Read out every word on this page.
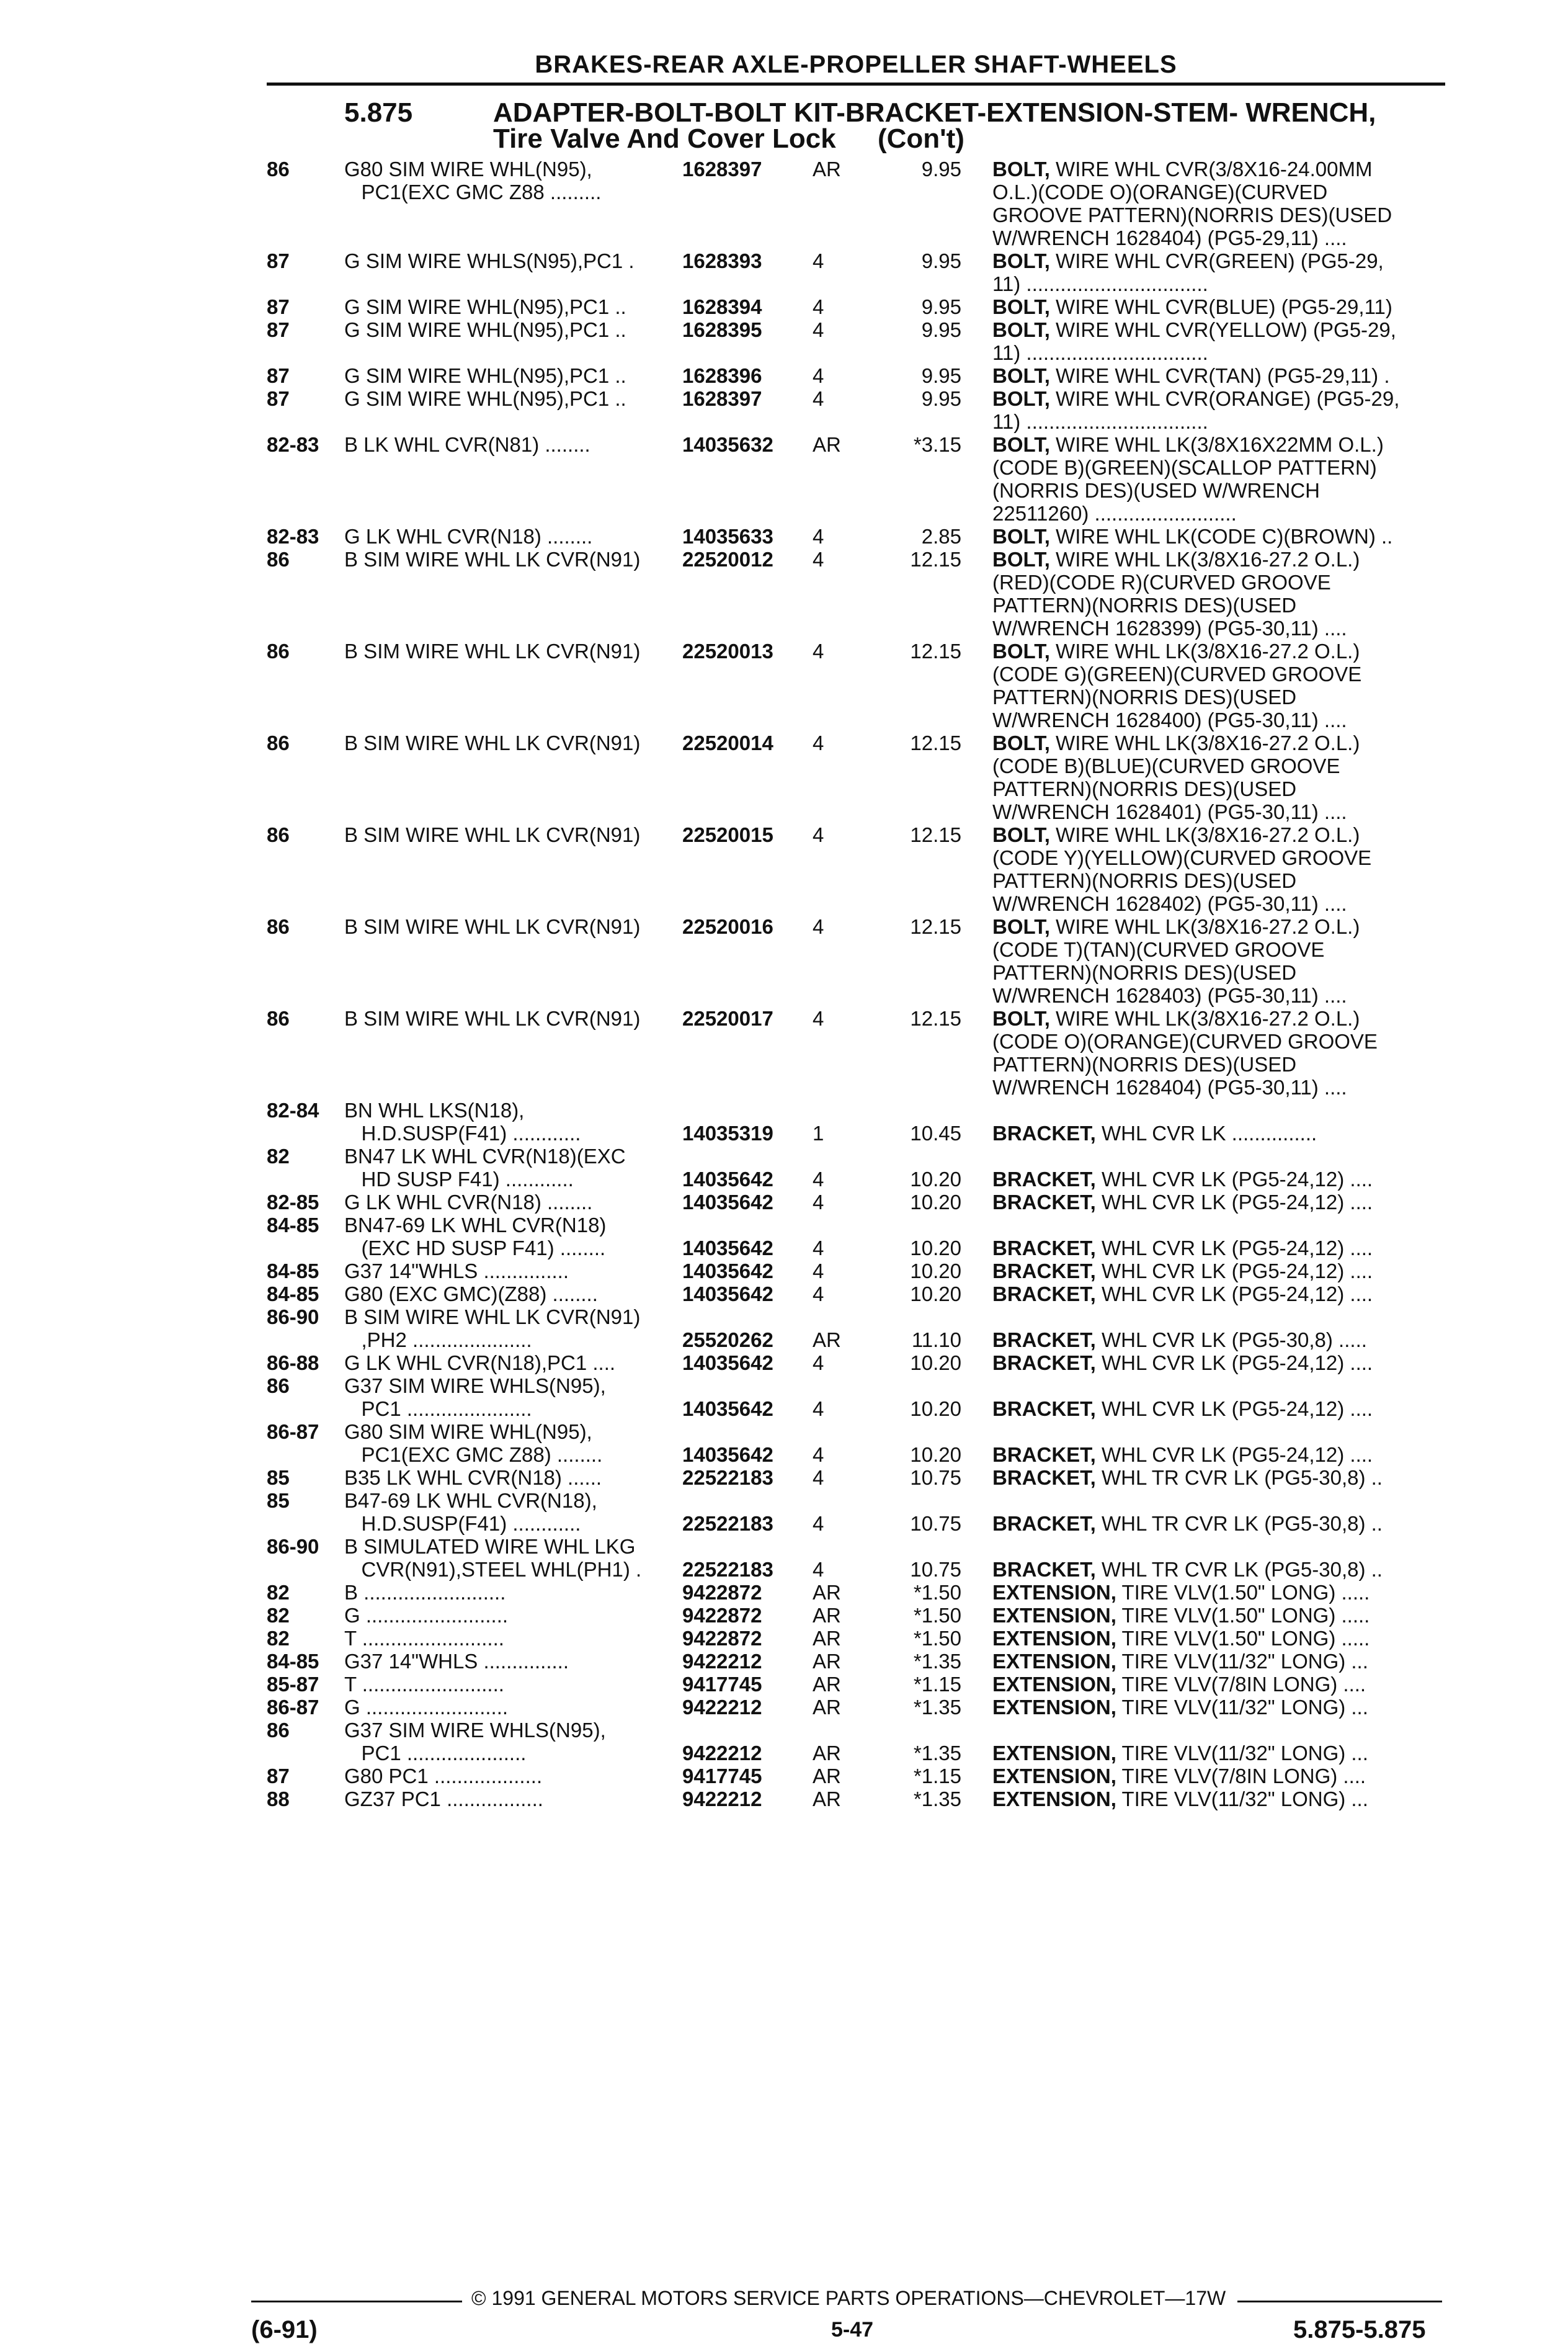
BRAKES-REAR AXLE-PROPELLER SHAFT-WHEELS
5.875	ADAPTER-BOLT-BOLT KIT-BRACKET-EXTENSION-STEM- WRENCH,
Tire Valve And Cover Lock (Con't)
86	G80 SIM WIRE WHL(N95),
PC1(EXC GMC Z88 .........
1628397	AR	9.95 BOLT, WIRE WHL CVR(3/8X16-24.00MM
O.L.)(CODE O)(ORANGE)(CURVED
GROOVE PATTERN)(NORRIS DES)(USED
W/WRENCH 1628404) (PG5-29,11) ....
87	G SIM WIRE WHLS(N95),PC1 .	1628393	4	9.95 BOLT, WIRE WHL CVR(GREEN) (PG5-29,
11) ................................
87	G SIM WIRE WHL(N95),PC1 ..	1628394	4	9.95 BOLT, WIRE WHL CVR(BLUE) (PG5-29,11)
87	G SIM WIRE WHL(N95),PC1 ..	1628395	4	9.95 BOLT, WIRE WHL CVR(YELLOW) (PG5-29,
11) ................................
87	G SIM WIRE WHL(N95),PC1 ..	1628396	4	9.95 BOLT, WIRE WHL CVR(TAN) (PG5-29,11) .
87	G SIM WIRE WHL(N95),PC1 ..	1628397	4	9.95 BOLT, WIRE WHL CVR(ORANGE) (PG5-29,
11) ................................
82-83 B LK WHL CVR(N81) ........	14035632	AR	*3.15 BOLT, WIRE WHL LK(3/8X16X22MM O.L.)
(CODE B)(GREEN)(SCALLOP PATTERN)
(NORRIS DES)(USED W/WRENCH
22511260) .........................
82-83 G LK WHL CVR(N18) ........	14035633	4	2.85 BOLT, WIRE WHL LK(CODE C)(BROWN) ..
86	B SIM WIRE WHL LK CVR(N91)	22520012	4	12.15 BOLT, WIRE WHL LK(3/8X16-27.2 O.L.)
(RED)(CODE R)(CURVED GROOVE
PATTERN)(NORRIS DES)(USED
W/WRENCH 1628399) (PG5-30,11) ....
86	B SIM WIRE WHL LK CVR(N91)	22520013	4	12.15 BOLT, WIRE WHL LK(3/8X16-27.2 O.L.)
(CODE G)(GREEN)(CURVED GROOVE
PATTERN)(NORRIS DES)(USED
W/WRENCH 1628400) (PG5-30,11) ....
86	B SIM WIRE WHL LK CVR(N91)	22520014	4	12.15 BOLT, WIRE WHL LK(3/8X16-27.2 O.L.)
(CODE B)(BLUE)(CURVED GROOVE
PATTERN)(NORRIS DES)(USED
W/WRENCH 1628401) (PG5-30,11) ....
86	B SIM WIRE WHL LK CVR(N91)	22520015	4	12.15 BOLT, WIRE WHL LK(3/8X16-27.2 O.L.)
(CODE Y)(YELLOW)(CURVED GROOVE
PATTERN)(NORRIS DES)(USED
W/WRENCH 1628402) (PG5-30,11) ....
86	B SIM WIRE WHL LK CVR(N91)	22520016	4	12.15 BOLT, WIRE WHL LK(3/8X16-27.2 O.L.)
(CODE T)(TAN)(CURVED GROOVE
PATTERN)(NORRIS DES)(USED
W/WRENCH 1628403) (PG5-30,11) ....
86	B SIM WIRE WHL LK CVR(N91)	22520017	4	12.15 BOLT, WIRE WHL LK(3/8X16-27.2 O.L.)
(CODE O)(ORANGE)(CURVED GROOVE
PATTERN)(NORRIS DES)(USED
W/WRENCH 1628404) (PG5-30,11) ....
82-84 BN WHL LKS(N18),
H.D.SUSP(F41) ............	14035319	1	10.45 BRACKET, WHL CVR LK ...............
82	BN47 LK WHL CVR(N18)(EXC
HD SUSP F41) ............	14035642	4	10.20 BRACKET, WHL CVR LK (PG5-24,12) ....
82-85 G LK WHL CVR(N18) ........	14035642	4	10.20 BRACKET, WHL CVR LK (PG5-24,12) ....
84-85 BN47-69 LK WHL CVR(N18)
(EXC HD SUSP F41) ........	14035642	4	10.20 BRACKET, WHL CVR LK (PG5-24,12) ....
84-85 G37 14"WHLS ...............	14035642	4	10.20 BRACKET, WHL CVR LK (PG5-24,12) ....
84-85 G80 (EXC GMC)(Z88) ........	14035642	4	10.20 BRACKET, WHL CVR LK (PG5-24,12) ....
86-90 B SIM WIRE WHL LK CVR(N91)
,PH2 .....................	25520262	AR	11.10 BRACKET, WHL CVR LK (PG5-30,8) .....
86-88 G LK WHL CVR(N18),PC1 ....	14035642	4	10.20 BRACKET, WHL CVR LK (PG5-24,12) ....
86	G37 SIM WIRE WHLS(N95),
PC1 ......................	14035642	4	10.20 BRACKET, WHL CVR LK (PG5-24,12) ....
86-87 G80 SIM WIRE WHL(N95),
PC1(EXC GMC Z88) ........	14035642	4	10.20 BRACKET, WHL CVR LK (PG5-24,12) ....
85	B35 LK WHL CVR(N18) ......	22522183	4	10.75 BRACKET, WHL TR CVR LK (PG5-30,8) ..
85	B47-69 LK WHL CVR(N18),
H.D.SUSP(F41) ............	22522183	4	10.75 BRACKET, WHL TR CVR LK (PG5-30,8) ..
86-90 B SIMULATED WIRE WHL LKG
CVR(N91),STEEL WHL(PH1) .	22522183	4	10.75 BRACKET, WHL TR CVR LK (PG5-30,8) ..
82	B .........................	9422872	AR	*1.50 EXTENSION, TIRE VLV(1.50" LONG) .....
82	G .........................	9422872	AR	*1.50 EXTENSION, TIRE VLV(1.50" LONG) .....
82	T .........................	9422872	AR	*1.50 EXTENSION, TIRE VLV(1.50" LONG) .....
84-85 G37 14"WHLS ...............	9422212	AR	*1.35 EXTENSION, TIRE VLV(11/32" LONG) ...
85-87 T .........................	9417745	AR	*1.15 EXTENSION, TIRE VLV(7/8IN LONG) ....
86-87 G .........................	9422212	AR	*1.35 EXTENSION, TIRE VLV(11/32" LONG) ...
86	G37 SIM WIRE WHLS(N95),
PC1 .....................	9422212	AR	*1.35 EXTENSION, TIRE VLV(11/32" LONG) ...
87	G80 PC1 ...................	9417745	AR	*1.15 EXTENSION, TIRE VLV(7/8IN LONG) ....
88	GZ37 PC1 .................	9422212	AR	*1.35 EXTENSION, TIRE VLV(11/32" LONG) ...
© 1991 GENERAL MOTORS SERVICE PARTS OPERATIONS—CHEVROLET—17W
(6-91)	5-47	5.875-5.875
